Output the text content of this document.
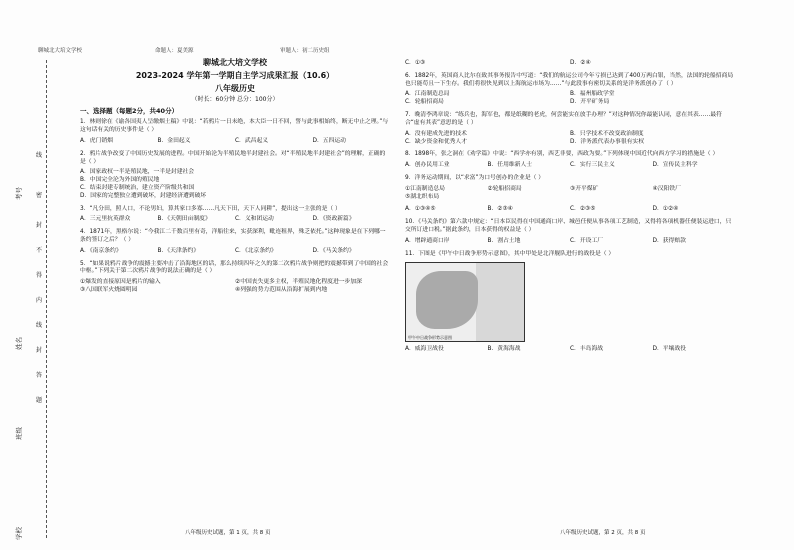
聊城北大培文学校	命题人：夏美源	审题人：初二历史组
考号
姓名
班级
学校
线
密
封
不
得
内
线
封
答
题
聊城北大培文学校
2023-2024 学年第一学期自主学习成果汇报（10.6）
八年级历史
（时长：60分钟 总分：100分）
一、选择题（每题2分，共40分）
1．林则徐在《谕各国夷人呈缴烟土稿》中说：“若鸦片一日未绝，本大臣一日不回，誓与此事相始终，断无中止之理。”与这句话有关的历史事件是（ ）
A．虎门销烟	B．金田起义	C．武昌起义	D．五四运动
2．鸦片战争改变了中国历史发展的进程。中国开始沦为半殖民地半封建社会。对“半殖民地半封建社会”的理解，正确的是（ ）
A．国家政权一半是殖民地，一半是封建社会
B．中国完全沦为外国的殖民地
C．结束封建专制统治，建立资产阶级共和国
D．国家的完整独立遭到破坏，封建经济遭到破坏
3．“凡分田，照人口，不论男妇，算其家口多寡……凡天下田，天下人同耕”，提出这一主张的是（ ）
A．三元里抗英群众	B．《天朝田亩制度》	C．义和团运动	D．《资政新篇》
4．1871年，黑格尔说：“今我江二千数百里有奇，洋船往来，实获深利，毗连租界，殊乏依托。”这种现象是在下列哪一条约签订之后？（ ）
A．《南京条约》	B．《天津条约》	C．《北京条约》	D．《马关条约》
5．“如果说鸦片战争的震撼主要冲击了沿海地区的话，那么持续四年之久的第二次鸦片战争则把的震撼带到了中国的社会中枢。”下列关于第二次鸦片战争的说法正确的是（ ）
①爆发的直接原因是鸦片的输入	②中国丧失更多主权，半殖民地化程度进一步加深
③八国联军火烧圆明园	④列强的势力范围从沿海扩展到内地
C．①③	D．②④
6．1882年，英国商人比尔在致其事务报告中写道：“我们的航运公司今年亏损已达到了400万两白银，当然，法国的轮船招商局也只能苟且一下生存。我们将很快见到以上海航运市场为……”与此段事有密切关系的是洋务派创办了（ ）
A．江南制造总局	B．福州船政学堂
C．轮船招商局	D．开平矿务局
7．晚清李鸿章说：“练兵也，海军也，都是纸糊的老虎，何尝能实在放手办理？”对这种情况你最能认同，意在其表……最符合“虚有其表”意思的是（ ）
A．没有建成先进的技术	B．只学技术不改变政治制度
C．缺少资金和优秀人才	D．洋务派代表办事很有实权
8．1898年，张之洞在《劝学篇》中说：“西学亦有别，西艺非要，西政为要。”下列体现中国近代向西方学习的措施是（ ）
A．创办民用工业	B．任用维新人士	C．实行三民主义	D．宣传民主科学
9．洋务运动期间，以“求富”为口号创办的企业是（ ）
①江南制造总局	②轮船招商局	③开平煤矿	④汉阳铁厂
⑤湖北织布局
A．①③④⑤	B．②③④	C．②③⑤	D．①②④
10．《马关条约》第六款中规定：“日本臣民得在中国通商口岸、城邑任便从事各项工艺制造，又得将各项机器任便装运进口，只交所订进口税。”据此条约，日本获得的权益是（ ）
A．增辟通商口岸	B．割占土地	C．开设工厂	D．获得赔款
11．下图是《甲午中日战争形势示意图》，其中甲处是北洋舰队进行的战役是（ ）
甲午中日战争形势示意图
A．威海卫战役	B．黄海海战	C．丰岛海战	D．平壤战役
八年级历史试题，第 1 页，共 8 页	八年级历史试题，第 2 页，共 8 页
